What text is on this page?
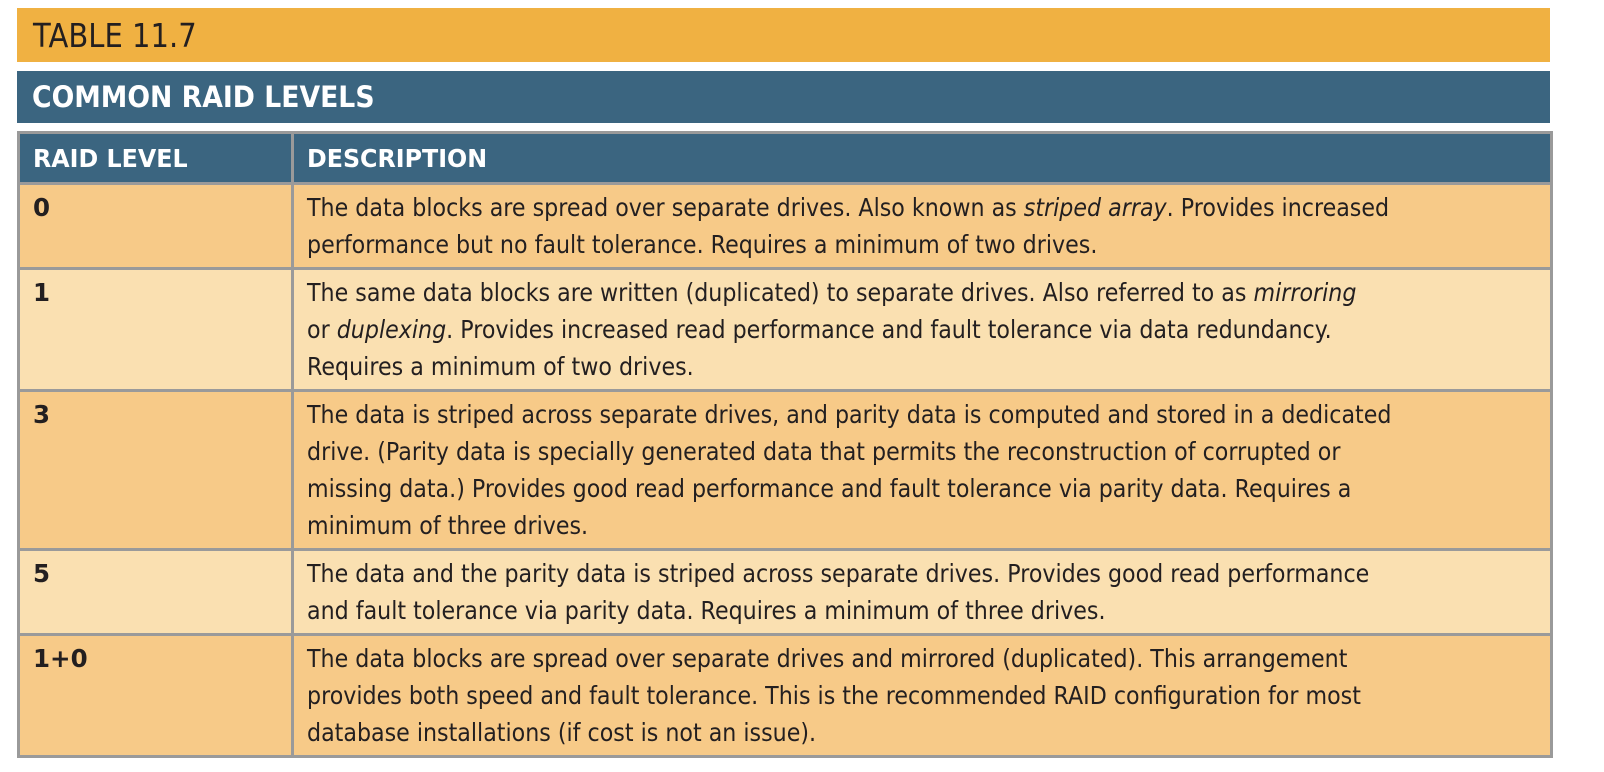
TABLE 11.7
COMMON RAID LEVELS
RAID LEVEL	DESCRIPTION
0	The data blocks are spread over separate drives. Also known as striped array. Provides increased
performance but no fault tolerance. Requires a minimum of two drives.

1	The same data blocks are written (duplicated) to separate drives. Also referred to as mirroring
or duplexing. Provides increased read performance and fault tolerance via data redundancy.
Requires a minimum of two drives.

3	The data is striped across separate drives, and parity data is computed and stored in a dedicated
drive. (Parity data is specially generated data that permits the reconstruction of corrupted or
missing data.) Provides good read performance and fault tolerance via parity data. Requires a
minimum of three drives.

5	The data and the parity data is striped across separate drives. Provides good read performance
and fault tolerance via parity data. Requires a minimum of three drives.

1+0	The data blocks are spread over separate drives and mirrored (duplicated). This arrangement
provides both speed and fault tolerance. This is the recommended RAID configuration for most
database installations (if cost is not an issue).
